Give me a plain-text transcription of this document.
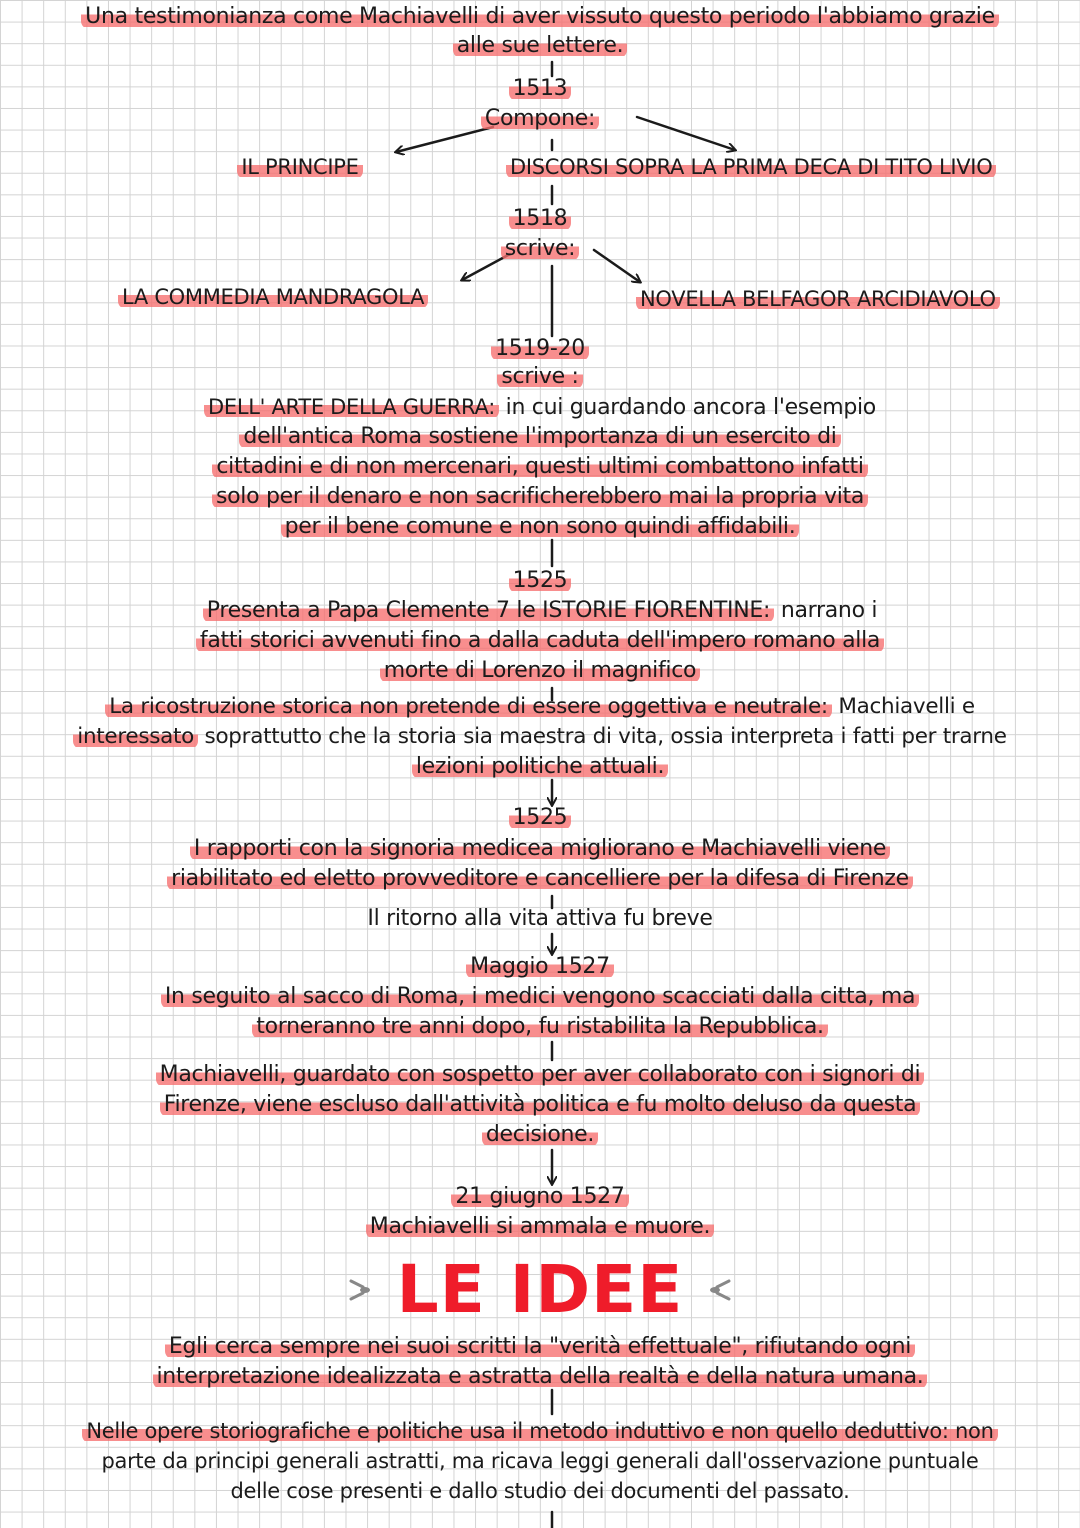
Una testimonianza come Machiavelli di aver vissuto questo periodo l'abbiamo grazie
alle sue lettere.
1513
Compone:
IL PRINCIPE	DISCORSI SOPRA LA PRIMA DECA DI TITO LIVIO
1518
scrive:
LA COMMEDIA MANDRAGOLA	NOVELLA BELFAGOR ARCIDIAVOLO
1519-20
scrive :
DELL' ARTE DELLA GUERRA: in cui guardando ancora l'esempio
dell'antica Roma sostiene l'importanza di un esercito di
cittadini e di non mercenari, questi ultimi combattono infatti
solo per il denaro e non sacrificherebbero mai la propria vita
per il bene comune e non sono quindi affidabili.
1525
Presenta a Papa Clemente 7 le ISTORIE FIORENTINE: narrano i
fatti storici avvenuti fino a dalla caduta dell'impero romano alla
morte di Lorenzo il magnifico
La ricostruzione storica non pretende di essere oggettiva e neutrale: Machiavelli e
interessato soprattutto che la storia sia maestra di vita, ossia interpreta i fatti per trarne
lezioni politiche attuali.
1525
I rapporti con la signoria medicea migliorano e Machiavelli viene
riabilitato ed eletto provveditore e cancelliere per la difesa di Firenze
Il ritorno alla vita attiva fu breve
Maggio 1527
In seguito al sacco di Roma, i medici vengono scacciati dalla citta, ma
torneranno tre anni dopo, fu ristabilita la Repubblica.
Machiavelli, guardato con sospetto per aver collaborato con i signori di
Firenze, viene escluso dall'attività politica e fu molto deluso da questa
decisione.
21 giugno 1527
Machiavelli si ammala e muore.
LE IDEE
Egli cerca sempre nei suoi scritti la "verità effettuale", rifiutando ogni
interpretazione idealizzata e astratta della realtà e della natura umana.
Nelle opere storiografiche e politiche usa il metodo induttivo e non quello deduttivo: non
parte da principi generali astratti, ma ricava leggi generali dall'osservazione puntuale
delle cose presenti e dallo studio dei documenti del passato.
